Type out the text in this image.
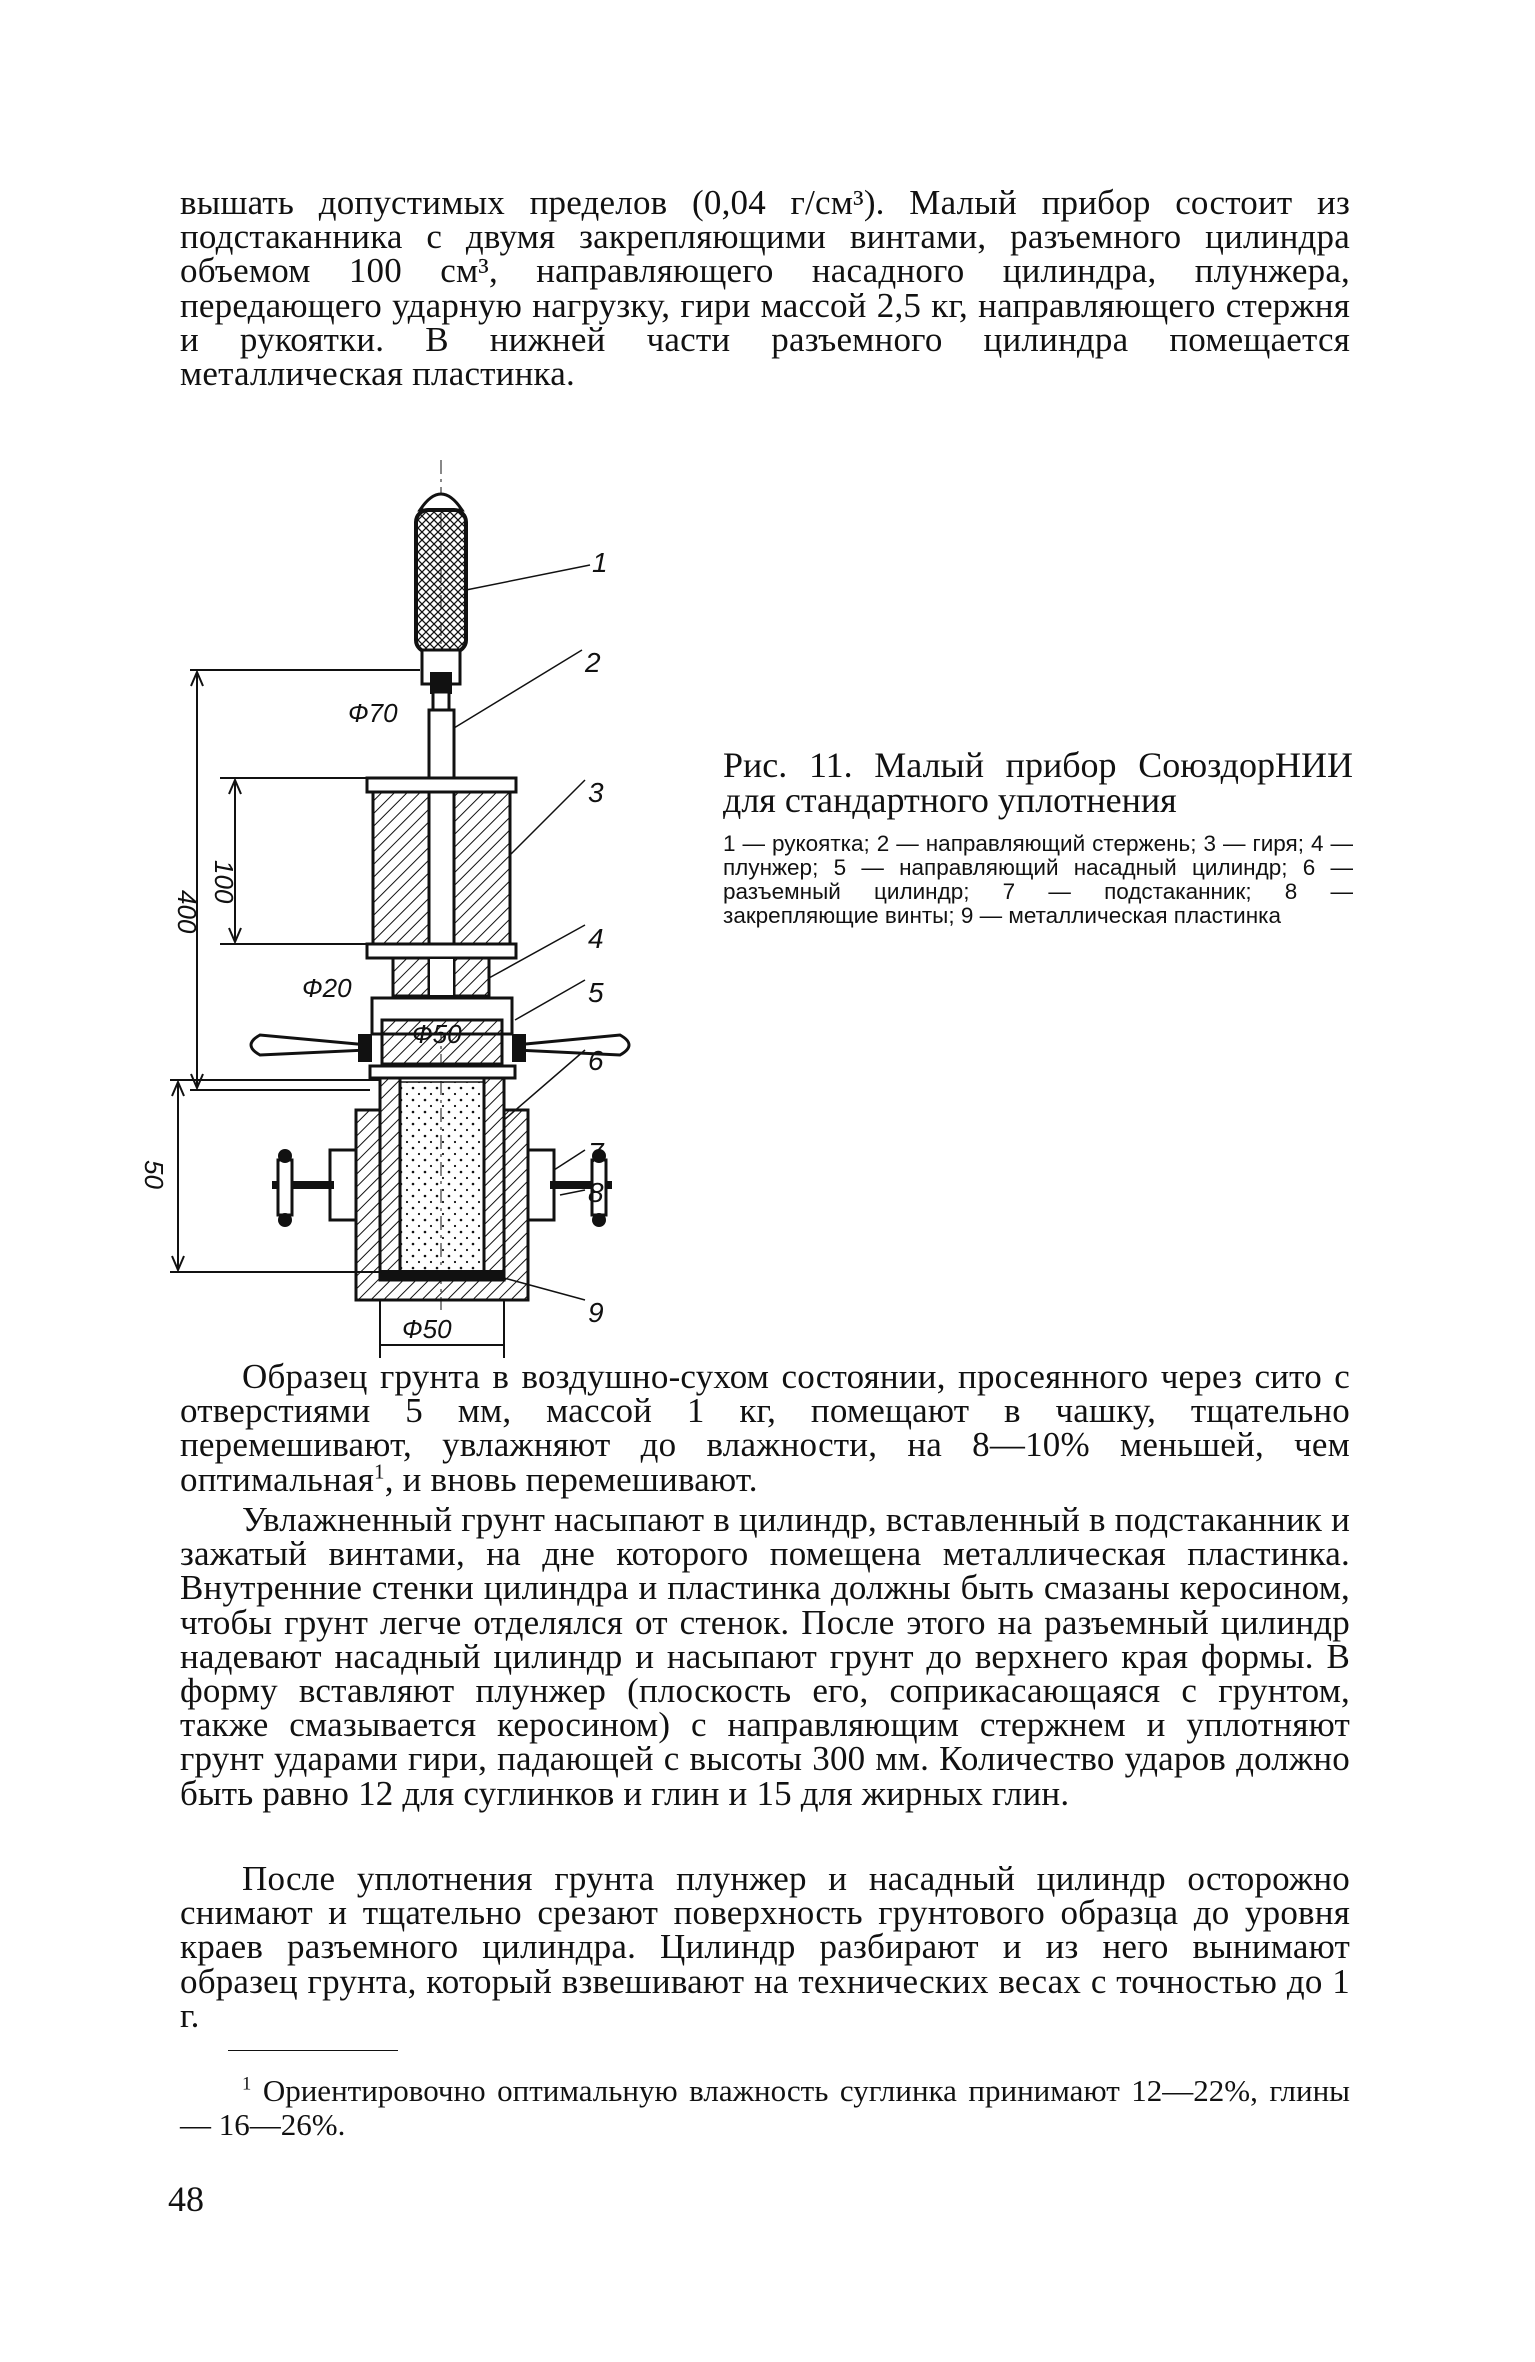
вышать допустимых пределов (0,04 г/см³). Малый прибор состоит из подстаканника с двумя закрепляющими винтами, разъемного цилиндра объемом 100 см³, направляющего насадного цилиндра, плунжера, передающего ударную нагрузку, гири массой 2,5 кг, направляющего стержня и рукоятки. В нижней части разъемного цилиндра помещается металлическая пластинка.

1
2
3
4
5
6
7
8
9
Ф70
Ф20
Ф50
Ф50
400
100
50

Рис. 11. Малый прибор СоюздорНИИ для стандартного уплотнения

1 — рукоятка; 2 — направляющий стержень; 3 — гиря; 4 — плунжер; 5 — направляющий насадный цилиндр; 6 — разъемный цилиндр; 7 — подстаканник; 8 — закрепляющие винты; 9 — металлическая пластинка

Образец грунта в воздушно-сухом состоянии, просеянного через сито с отверстиями 5 мм, массой 1 кг, помещают в чашку, тщательно перемешивают, увлажняют до влажности, на 8—10% меньшей, чем оптимальная$^1$, и вновь перемешивают.

Увлажненный грунт насыпают в цилиндр, вставленный в подстаканник и зажатый винтами, на дне которого помещена металлическая пластинка. Внутренние стенки цилиндра и пластинка должны быть смазаны керосином, чтобы грунт легче отделялся от стенок. После этого на разъемный цилиндр надевают насадный цилиндр и насыпают грунт до верхнего края формы. В форму вставляют плунжер (плоскость его, соприкасающаяся с грунтом, также смазывается керосином) с направляющим стержнем и уплотняют грунт ударами гири, падающей с высоты 300 мм. Количество ударов должно быть равно 12 для суглинков и глин и 15 для жирных глин.

После уплотнения грунта плунжер и насадный цилиндр осторожно снимают и тщательно срезают поверхность грунтового образца до уровня краев разъемного цилиндра. Цилиндр разбирают и из него вынимают образец грунта, который взвешивают на технических весах с точностью до 1 г.

$^1$ Ориентировочно оптимальную влажность суглинка принимают 12—22%, глины — 16—26%.

48
